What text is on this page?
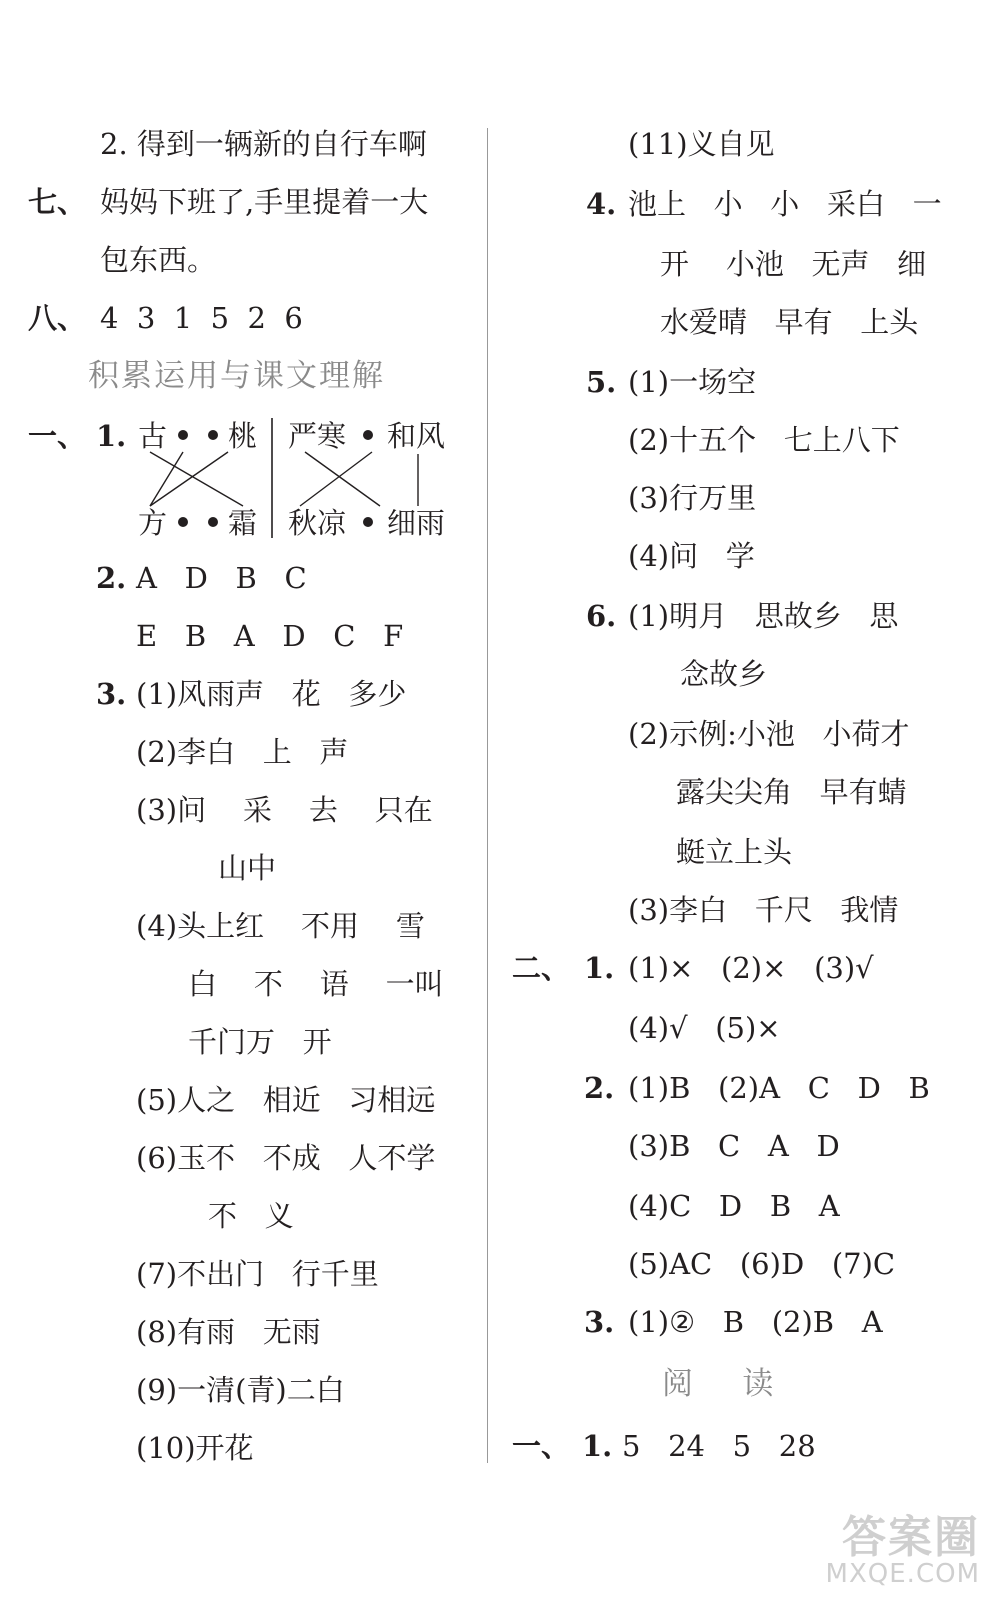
2. 得到一辆新的自行车啊
七、 妈妈下班了,手里提着一大
包东西。
八、 4  3  1  5  2  6
积累运用与课文理解
一、 1. 古 桃
方 霜
严寒 和风
秋凉 细雨
2. A   D   B   C
E   B   A   D   C   F
3. (1)风雨声   花   多少
(2)李白   上   声
(3)问    采    去    只在
山中
(4)头上红    不用    雪
白    不    语    一叫
千门万   开
(5)人之   相近   习相远
(6)玉不   不成   人不学
不   义
(7)不出门   行千里
(8)有雨   无雨
(9)一清(青)二白
(10)开花
(11)义自见
4. 池上   小   小   采白   一
开    小池   无声   细
水爱晴   早有   上头
5. (1)一场空
(2)十五个   七上八下
(3)行万里
(4)问   学
6. (1)明月   思故乡   思
念故乡
(2)示例:小池   小荷才
露尖尖角   早有蜻
蜓立上头
(3)李白   千尺   我情
二、 1. (1)×   (2)×   (3)√
(4)√   (5)×
2. (1)B   (2)A   C   D   B
(3)B   C   A   D
(4)C   D   B   A
(5)AC   (6)D   (7)C
3. (1)②   B   (2)B   A
阅    读
一、 1. 5   24   5   28
答案圈
MXQE.COM
